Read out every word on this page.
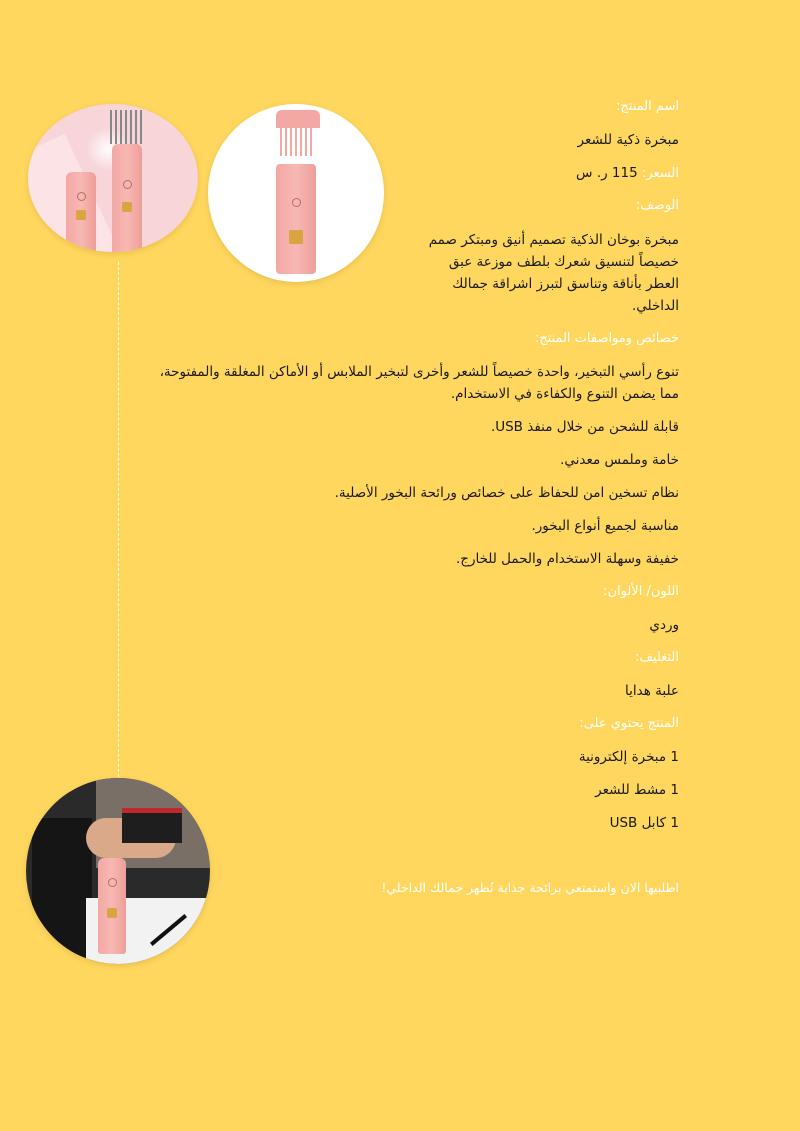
اسم المنتج:
مبخرة ذكية للشعر
السعر: 115 ر. س
الوصف:
مبخرة بوخان الذكية تصميم أنيق ومبتكر صمم
خصيصاً لتنسيق شعرك بلطف موزعة عبق
العطر بأناقة وتناسق لتبرز اشراقة جمالك
الداخلي.
خصائص ومواصفات المنتج:
تنوع رأسي التبخير، واحدة خصيصاً للشعر وأخرى لتبخير الملابس أو الأماكن المغلقة والمفتوحة،
مما يضمن التنوع والكفاءة في الاستخدام.
قابلة للشحن من خلال منفذ USB.
خامة وملمس معدني.
نظام تسخين امن للحفاظ على خصائص ورائحة البخور الأصلية.
مناسبة لجميع أنواع البخور.
خفيفة وسهلة الاستخدام والحمل للخارج.
اللون/ الألوان:
وردي
التغليف:
علبة هدايا
المنتج يحتوي على:
1 مبخرة إلكترونية
1 مشط للشعر
1 كابل USB
اطلبيها الان واستمتعي برائحة جذابة تُظهر جمالك الداخلي!
